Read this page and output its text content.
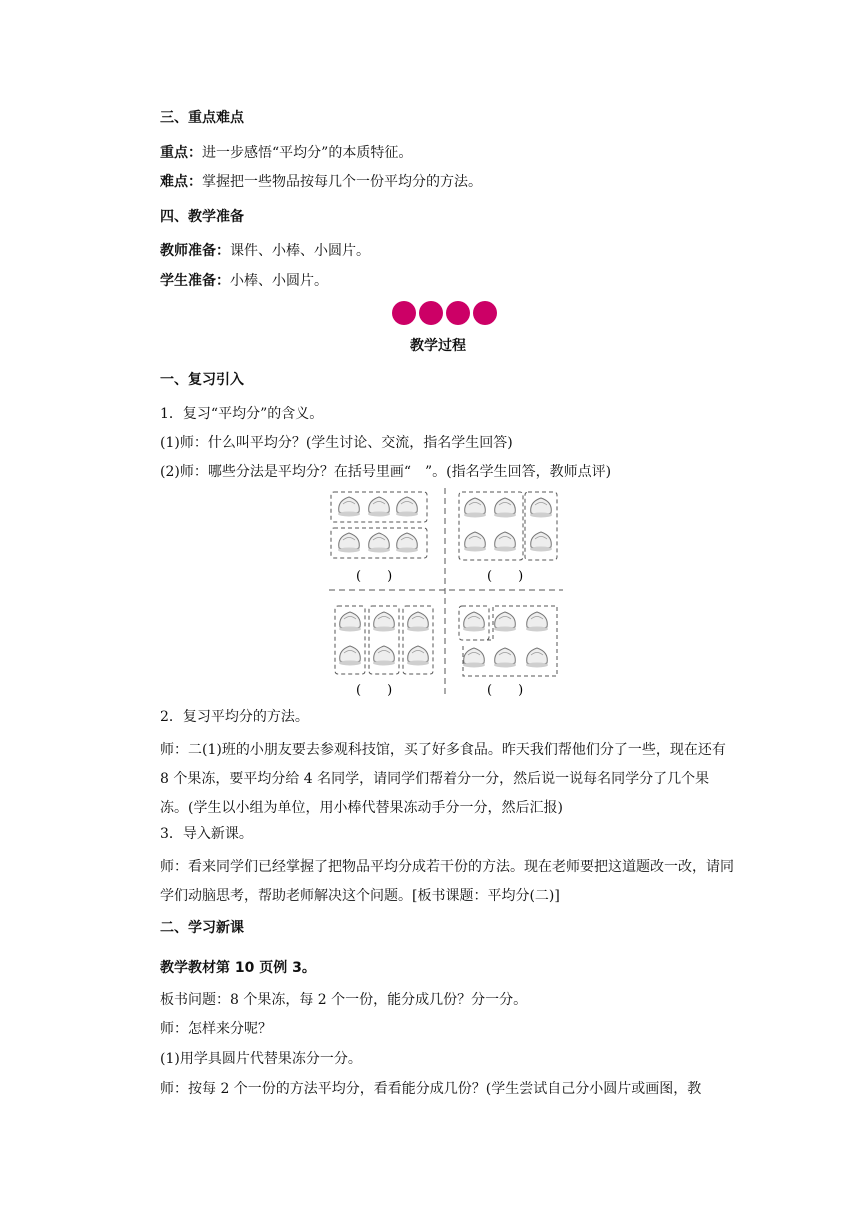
三、重点难点
重点：进一步感悟“平均分”的本质特征。
难点：掌握把一些物品按每几个一份平均分的方法。
四、教学准备
教师准备：课件、小棒、小圆片。
学生准备：小棒、小圆片。
教学过程
一、复习引入
1．复习“平均分”的含义。
(1)师：什么叫平均分？(学生讨论、交流，指名学生回答)
(2)师：哪些分法是平均分？在括号里画“　”。(指名学生回答，教师点评)
(　　)	(　　)
(　　)	(　　)
2．复习平均分的方法。
师：二(1)班的小朋友要去参观科技馆，买了好多食品。昨天我们帮他们分了一些，现在还有 8 个果冻，要平均分给 4 名同学，请同学们帮着分一分，然后说一说每名同学分了几个果冻。(学生以小组为单位，用小棒代替果冻动手分一分，然后汇报)
3．导入新课。
师：看来同学们已经掌握了把物品平均分成若干份的方法。现在老师要把这道题改一改，请同学们动脑思考，帮助老师解决这个问题。[板书课题：平均分(二)]
二、学习新课
教学教材第 10 页例 3。
板书问题：8 个果冻，每 2 个一份，能分成几份？分一分。
师：怎样来分呢？
(1)用学具圆片代替果冻分一分。
师：按每 2 个一份的方法平均分，看看能分成几份？(学生尝试自己分小圆片或画图，教
